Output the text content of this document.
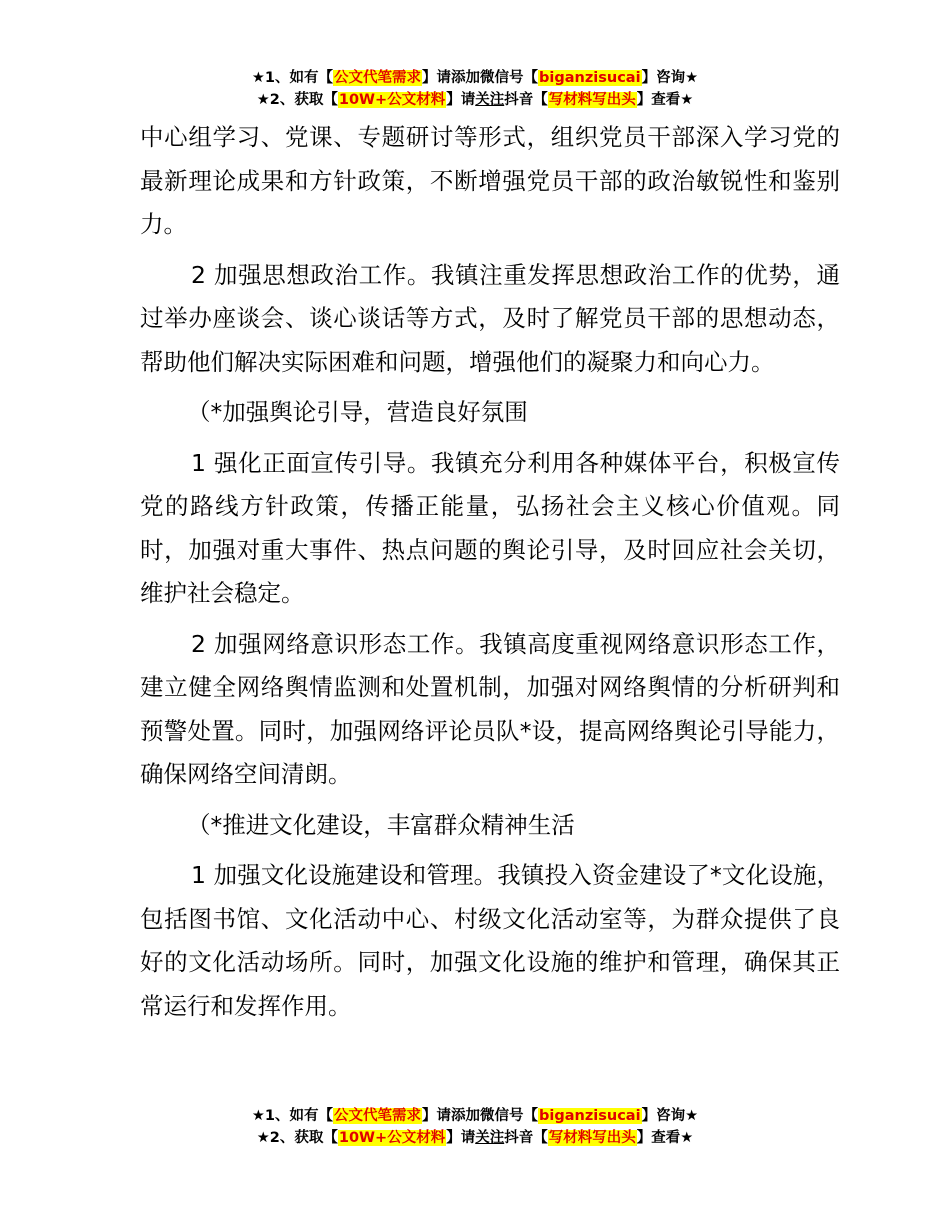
★1、如有【公文代笔需求】请添加微信号【biganzisucai】咨询★
★2、获取【10W+公文材料】请关注抖音【写材料写出头】查看★

中心组学习、党课、专题研讨等形式，组织党员干部深入学习党的最新理论成果和方针政策，不断增强党员干部的政治敏锐性和鉴别力。

2 加强思想政治工作。我镇注重发挥思想政治工作的优势，通过举办座谈会、谈心谈话等方式，及时了解党员干部的思想动态，帮助他们解决实际困难和问题，增强他们的凝聚力和向心力。

（*加强舆论引导，营造良好氛围

1 强化正面宣传引导。我镇充分利用各种媒体平台，积极宣传党的路线方针政策，传播正能量，弘扬社会主义核心价值观。同时，加强对重大事件、热点问题的舆论引导，及时回应社会关切，维护社会稳定。

2 加强网络意识形态工作。我镇高度重视网络意识形态工作，建立健全网络舆情监测和处置机制，加强对网络舆情的分析研判和预警处置。同时，加强网络评论员队*设，提高网络舆论引导能力，确保网络空间清朗。

（*推进文化建设，丰富群众精神生活

1 加强文化设施建设和管理。我镇投入资金建设了*文化设施，包括图书馆、文化活动中心、村级文化活动室等，为群众提供了良好的文化活动场所。同时，加强文化设施的维护和管理，确保其正常运行和发挥作用。

★1、如有【公文代笔需求】请添加微信号【biganzisucai】咨询★
★2、获取【10W+公文材料】请关注抖音【写材料写出头】查看★
